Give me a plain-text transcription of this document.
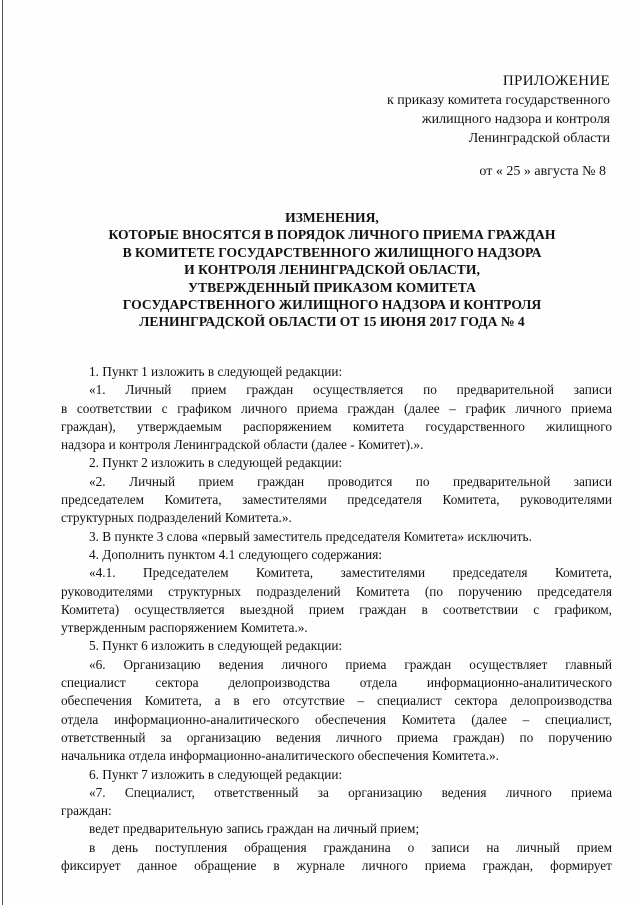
ПРИЛОЖЕНИЕ
к приказу комитета государственного
жилищного надзора и контроля
Ленинградской области
от « 25 » августа № 8
ИЗМЕНЕНИЯ,
КОТОРЫЕ ВНОСЯТСЯ В ПОРЯДОК ЛИЧНОГО ПРИЕМА ГРАЖДАН
В КОМИТЕТЕ ГОСУДАРСТВЕННОГО ЖИЛИЩНОГО НАДЗОРА
И КОНТРОЛЯ ЛЕНИНГРАДСКОЙ ОБЛАСТИ,
УТВЕРЖДЕННЫЙ ПРИКАЗОМ КОМИТЕТА
ГОСУДАРСТВЕННОГО ЖИЛИЩНОГО НАДЗОРА И КОНТРОЛЯ
ЛЕНИНГРАДСКОЙ ОБЛАСТИ ОТ 15 ИЮНЯ 2017 ГОДА № 4
1. Пункт 1 изложить в следующей редакции:
«1. Личный прием граждан осуществляется по предварительной записи
в соответствии с графиком личного приема граждан (далее – график личного приема
граждан), утверждаемым распоряжением комитета государственного жилищного
надзора и контроля Ленинградской области (далее - Комитет).».
2. Пункт 2 изложить в следующей редакции:
«2. Личный прием граждан проводится по предварительной записи
председателем Комитета, заместителями председателя Комитета, руководителями
структурных подразделений Комитета.».
3. В пункте 3 слова «первый заместитель председателя Комитета» исключить.
4. Дополнить пунктом 4.1 следующего содержания:
«4.1. Председателем Комитета, заместителями председателя Комитета,
руководителями структурных подразделений Комитета (по поручению председателя
Комитета) осуществляется выездной прием граждан в соответствии с графиком,
утвержденным распоряжением Комитета.».
5. Пункт 6 изложить в следующей редакции:
«6. Организацию ведения личного приема граждан осуществляет главный
специалист сектора делопроизводства отдела информационно-аналитического
обеспечения Комитета, а в его отсутствие – специалист сектора делопроизводства
отдела информационно-аналитического обеспечения Комитета (далее – специалист,
ответственный за организацию ведения личного приема граждан) по поручению
начальника отдела информационно-аналитического обеспечения Комитета.».
6. Пункт 7 изложить в следующей редакции:
«7. Специалист, ответственный за организацию ведения личного приема
граждан:
ведет предварительную запись граждан на личный прием;
в день поступления обращения гражданина о записи на личный прием
фиксирует данное обращение в журнале личного приема граждан, формирует
